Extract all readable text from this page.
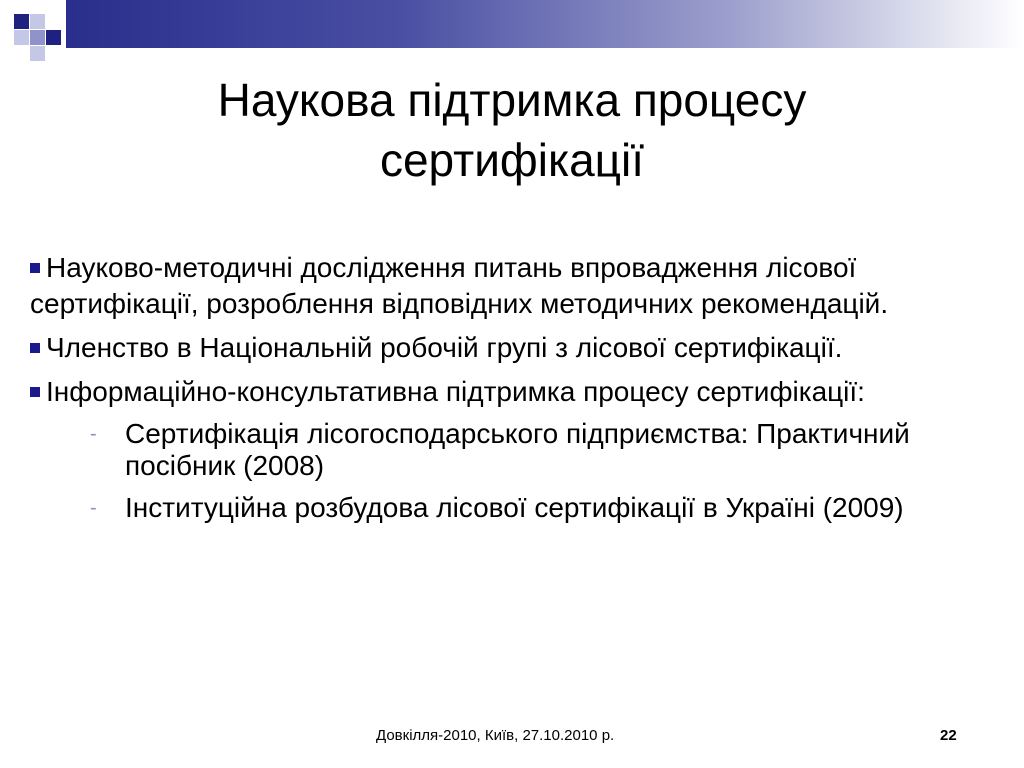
Наукова підтримка процесу
сертифікації
Науково-методичні дослідження питань впровадження лісової сертифікації, розроблення відповідних методичних рекомендацій.
Членство в Національній робочій групі з лісової сертифікації.
Інформаційно-консультативна підтримка процесу сертифікації:
- Сертифікація лісогосподарського підприємства: Практичний посібник (2008)
- Інституційна розбудова лісової сертифікації в Україні (2009)
Довкілля-2010, Київ, 27.10.2010 р.	22
